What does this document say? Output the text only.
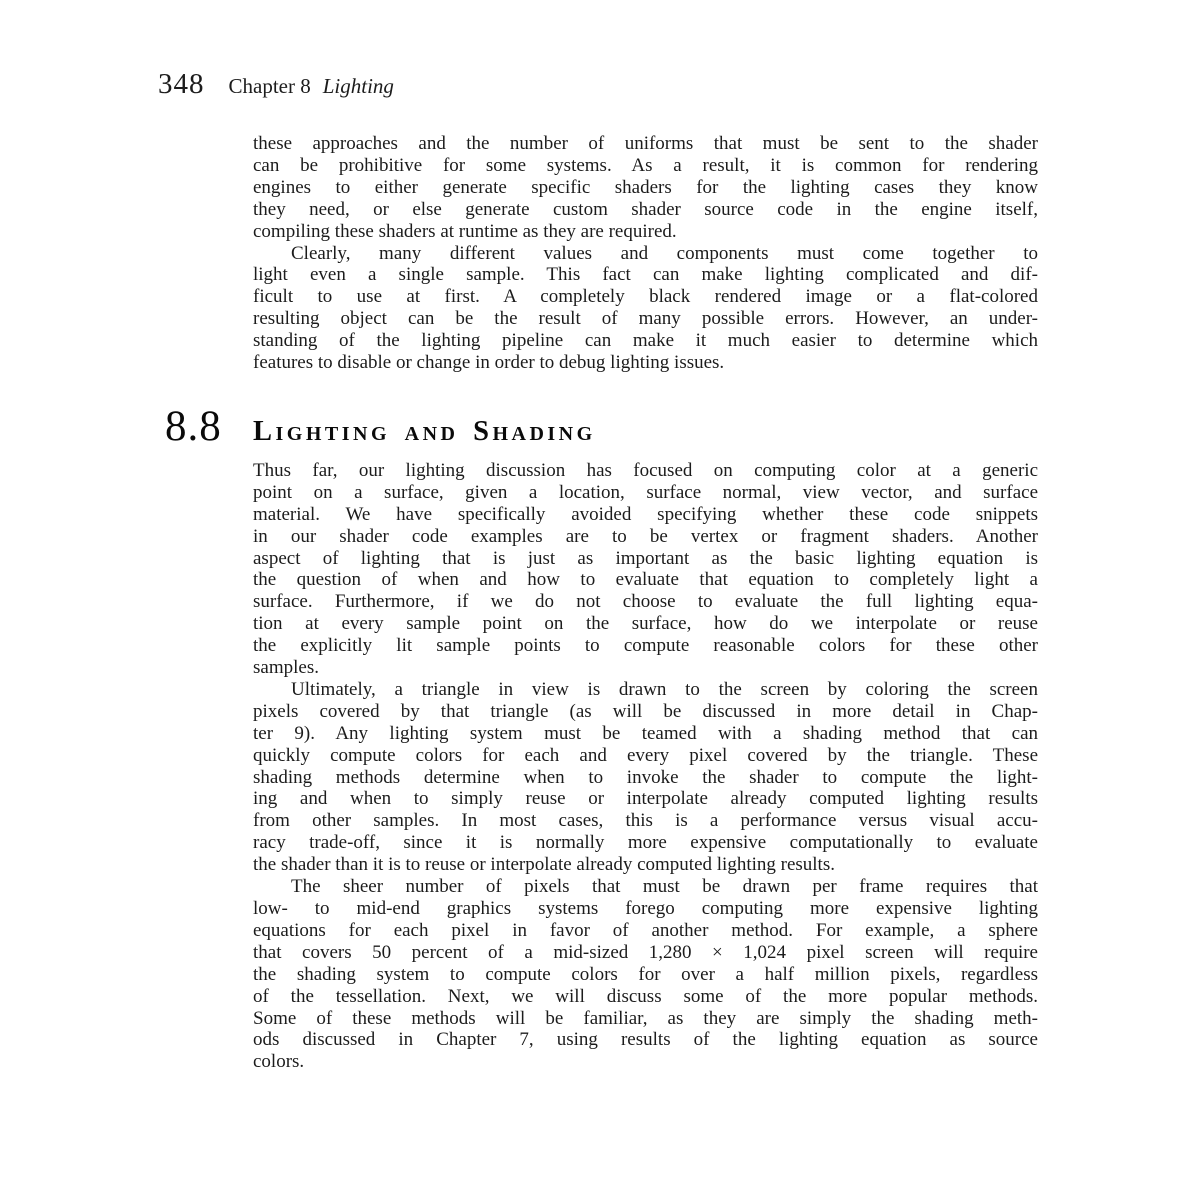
348 Chapter 8 Lighting
these approaches and the number of uniforms that must be sent to the shader
can be prohibitive for some systems. As a result, it is common for rendering
engines to either generate specific shaders for the lighting cases they know
they need, or else generate custom shader source code in the engine itself,
compiling these shaders at runtime as they are required.
Clearly, many different values and components must come together to
light even a single sample. This fact can make lighting complicated and dif-
ficult to use at first. A completely black rendered image or a flat-colored
resulting object can be the result of many possible errors. However, an under-
standing of the lighting pipeline can make it much easier to determine which
features to disable or change in order to debug lighting issues.
8.8	Lighting and Shading
Thus far, our lighting discussion has focused on computing color at a generic
point on a surface, given a location, surface normal, view vector, and surface
material. We have specifically avoided specifying whether these code snippets
in our shader code examples are to be vertex or fragment shaders. Another
aspect of lighting that is just as important as the basic lighting equation is
the question of when and how to evaluate that equation to completely light a
surface. Furthermore, if we do not choose to evaluate the full lighting equa-
tion at every sample point on the surface, how do we interpolate or reuse
the explicitly lit sample points to compute reasonable colors for these other
samples.
Ultimately, a triangle in view is drawn to the screen by coloring the screen
pixels covered by that triangle (as will be discussed in more detail in Chap-
ter 9). Any lighting system must be teamed with a shading method that can
quickly compute colors for each and every pixel covered by the triangle. These
shading methods determine when to invoke the shader to compute the light-
ing and when to simply reuse or interpolate already computed lighting results
from other samples. In most cases, this is a performance versus visual accu-
racy trade-off, since it is normally more expensive computationally to evaluate
the shader than it is to reuse or interpolate already computed lighting results.
The sheer number of pixels that must be drawn per frame requires that
low- to mid-end graphics systems forego computing more expensive lighting
equations for each pixel in favor of another method. For example, a sphere
that covers 50 percent of a mid-sized 1,280 × 1,024 pixel screen will require
the shading system to compute colors for over a half million pixels, regardless
of the tessellation. Next, we will discuss some of the more popular methods.
Some of these methods will be familiar, as they are simply the shading meth-
ods discussed in Chapter 7, using results of the lighting equation as source
colors.
